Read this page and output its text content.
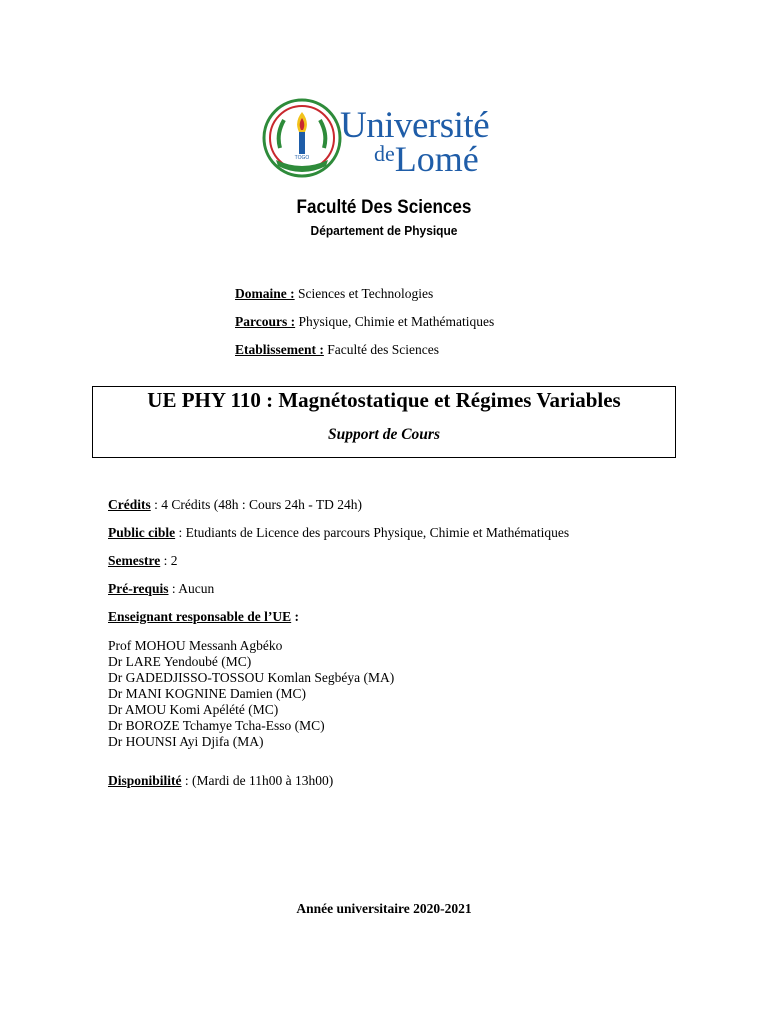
TOGO
Université
deLomé
Faculté Des Sciences
Département de Physique
Domaine : Sciences et Technologies
Parcours : Physique, Chimie et Mathématiques
Etablissement : Faculté des Sciences
UE PHY 110 : Magnétostatique et Régimes Variables
Support de Cours
Crédits : 4 Crédits (48h : Cours 24h - TD 24h)
Public cible : Etudiants de Licence des parcours Physique, Chimie et Mathématiques
Semestre : 2
Pré-requis : Aucun
Enseignant responsable de l’UE :
Prof MOHOU Messanh Agbéko
Dr LARE Yendoubé (MC)
Dr GADEDJISSO-TOSSOU Komlan Segbéya (MA)
Dr MANI KOGNINE Damien (MC)
Dr AMOU Komi Apélété (MC)
Dr BOROZE Tchamye Tcha-Esso (MC)
Dr HOUNSI Ayi Djifa (MA)
Disponibilité : (Mardi de 11h00 à 13h00)
Année universitaire 2020-2021
